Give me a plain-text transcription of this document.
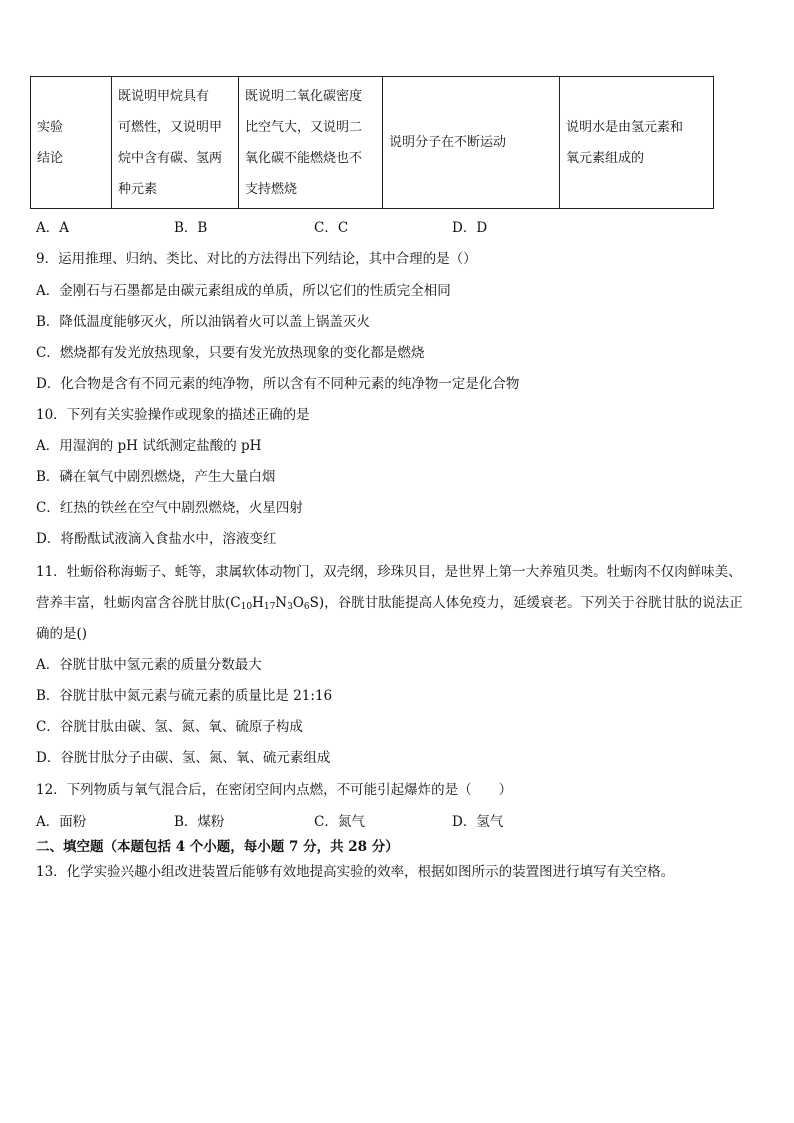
实验
结论

既说明甲烷具有
可燃性，又说明甲
烷中含有碳、氢两
种元素

既说明二氧化碳密度
比空气大，又说明二
氧化碳不能燃烧也不
支持燃烧

说明分子在不断运动

说明水是由氢元素和
氧元素组成的
A．A	B．B	C．C	D．D
9．运用推理、归纳、类比、对比的方法得出下列结论，其中合理的是（）
A．金刚石与石墨都是由碳元素组成的单质，所以它们的性质完全相同
B．降低温度能够灭火，所以油锅着火可以盖上锅盖灭火
C．燃烧都有发光放热现象，只要有发光放热现象的变化都是燃烧
D．化合物是含有不同元素的纯净物，所以含有不同种元素的纯净物一定是化合物
10．下列有关实验操作或现象的描述正确的是
A．用湿润的 pH 试纸测定盐酸的 pH
B．磷在氧气中剧烈燃烧，产生大量白烟
C．红热的铁丝在空气中剧烈燃烧，火星四射
D．将酚酞试液滴入食盐水中，溶液变红
11．牡蛎俗称海蛎子、蚝等，隶属软体动物门，双壳纲，珍珠贝目，是世界上第一大养殖贝类。牡蛎肉不仅肉鲜味美、
营养丰富，牡蛎肉富含谷胱甘肽$(C_{10}H_{17}N_3O_6S)$，谷胱甘肽能提高人体免疫力，延缓衰老。下列关于谷胱甘肽的说法正
确的是()
A．谷胱甘肽中氢元素的质量分数最大
B．谷胱甘肽中氮元素与硫元素的质量比是 21:16
C．谷胱甘肽由碳、氢、氮、氧、硫原子构成
D．谷胱甘肽分子由碳、氢、氮、氧、硫元素组成
12．下列物质与氧气混合后，在密闭空间内点燃，不可能引起爆炸的是（　　）
A．面粉	B．煤粉	C．氮气	D．氢气
二、填空题（本题包括 4 个小题，每小题 7 分，共 28 分）
13．化学实验兴趣小组改进装置后能够有效地提高实验的效率，根据如图所示的装置图进行填写有关空格。
